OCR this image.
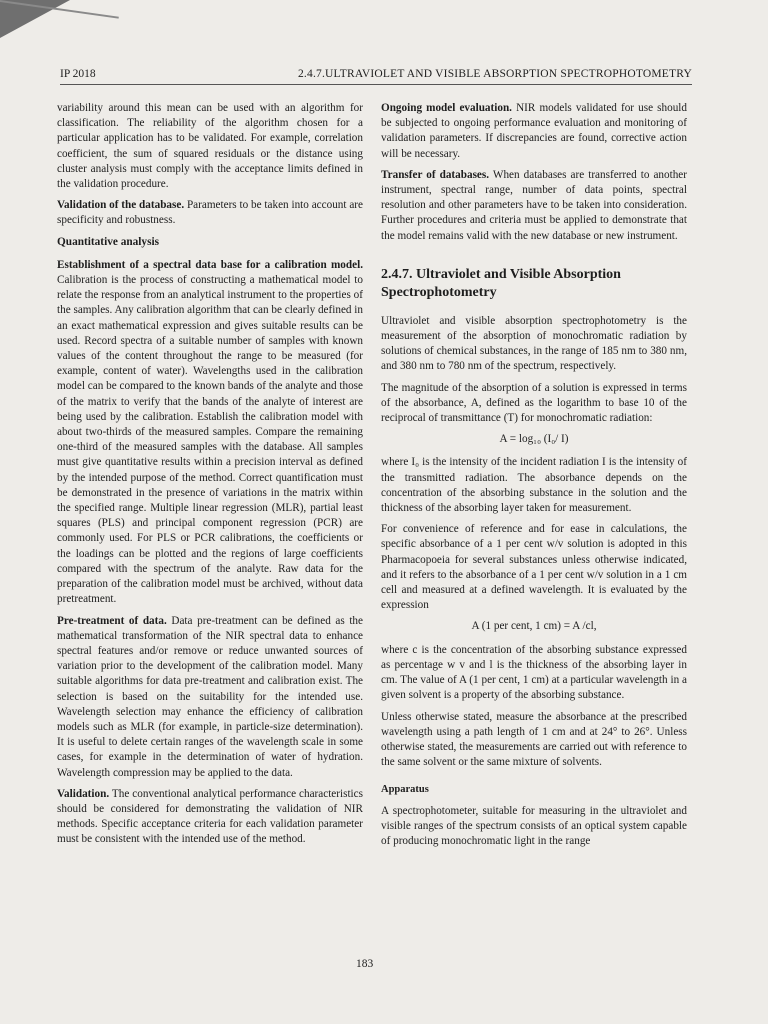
IP 2018	2.4.7.ULTRAVIOLET AND VISIBLE ABSORPTION SPECTROPHOTOMETRY

variability around this mean can be used with an algorithm for classification. The reliability of the algorithm chosen for a particular application has to be validated. For example, correlation coefficient, the sum of squared residuals or the distance using cluster analysis must comply with the acceptance limits defined in the validation procedure.

Validation of the database. Parameters to be taken into account are specificity and robustness.

Quantitative analysis

Establishment of a spectral data base for a calibration model. Calibration is the process of constructing a mathematical model to relate the response from an analytical instrument to the properties of the samples. Any calibration algorithm that can be clearly defined in an exact mathematical expression and gives suitable results can be used. Record spectra of a suitable number of samples with known values of the content throughout the range to be measured (for example, content of water). Wavelengths used in the calibration model can be compared to the known bands of the analyte and those of the matrix to verify that the bands of the analyte of interest are being used by the calibration. Establish the calibration model with about two-thirds of the measured samples. Compare the remaining one-third of the measured samples with the database. All samples must give quantitative results within a precision interval as defined by the intended purpose of the method. Correct quantification must be demonstrated in the presence of variations in the matrix within the specified range. Multiple linear regression (MLR), partial least squares (PLS) and principal component regression (PCR) are commonly used. For PLS or PCR calibrations, the coefficients or the loadings can be plotted and the regions of large coefficients compared with the spectrum of the analyte. Raw data for the preparation of the calibration model must be archived, without data pretreatment.

Pre-treatment of data. Data pre-treatment can be defined as the mathematical transformation of the NIR spectral data to enhance spectral features and/or remove or reduce unwanted sources of variation prior to the development of the calibration model. Many suitable algorithms for data pre-treatment and calibration exist. The selection is based on the suitability for the intended use. Wavelength selection may enhance the efficiency of calibration models such as MLR (for example, in particle-size determination). It is useful to delete certain ranges of the wavelength scale in some cases, for example in the determination of water of hydration. Wavelength compression may be applied to the data.

Validation. The conventional analytical performance characteristics should be considered for demonstrating the validation of NIR methods. Specific acceptance criteria for each validation parameter must be consistent with the intended use of the method.

Ongoing model evaluation. NIR models validated for use should be subjected to ongoing performance evaluation and monitoring of validation parameters. If discrepancies are found, corrective action will be necessary.

Transfer of databases. When databases are transferred to another instrument, spectral range, number of data points, spectral resolution and other parameters have to be taken into consideration. Further procedures and criteria must be applied to demonstrate that the model remains valid with the new database or new instrument.

2.4.7. Ultraviolet and Visible Absorption Spectrophotometry

Ultraviolet and visible absorption spectrophotometry is the measurement of the absorption of monochromatic radiation by solutions of chemical substances, in the range of 185 nm to 380 nm, and 380 nm to 780 nm of the spectrum, respectively.

The magnitude of the absorption of a solution is expressed in terms of the absorbance, A, defined as the logarithm to base 10 of the reciprocal of transmittance (T) for monochromatic radiation:

A = log₁₀ (I₀/ I)

where I₀ is the intensity of the incident radiation I is the intensity of the transmitted radiation. The absorbance depends on the concentration of the absorbing substance in the solution and the thickness of the absorbing layer taken for measurement.

For convenience of reference and for ease in calculations, the specific absorbance of a 1 per cent w/v solution is adopted in this Pharmacopoeia for several substances unless otherwise indicated, and it refers to the absorbance of a 1 per cent w/v solution in a 1 cm cell and measured at a defined wavelength. It is evaluated by the expression

A (1 per cent, 1 cm) = A /cl,

where c is the concentration of the absorbing substance expressed as percentage w v and l is the thickness of the absorbing layer in cm. The value of A (1 per cent, 1 cm) at a particular wavelength in a given solvent is a property of the absorbing substance.

Unless otherwise stated, measure the absorbance at the prescribed wavelength using a path length of 1 cm and at 24° to 26°. Unless otherwise stated, the measurements are carried out with reference to the same solvent or the same mixture of solvents.

Apparatus

A spectrophotometer, suitable for measuring in the ultraviolet and visible ranges of the spectrum consists of an optical system capable of producing monochromatic light in the range

183
